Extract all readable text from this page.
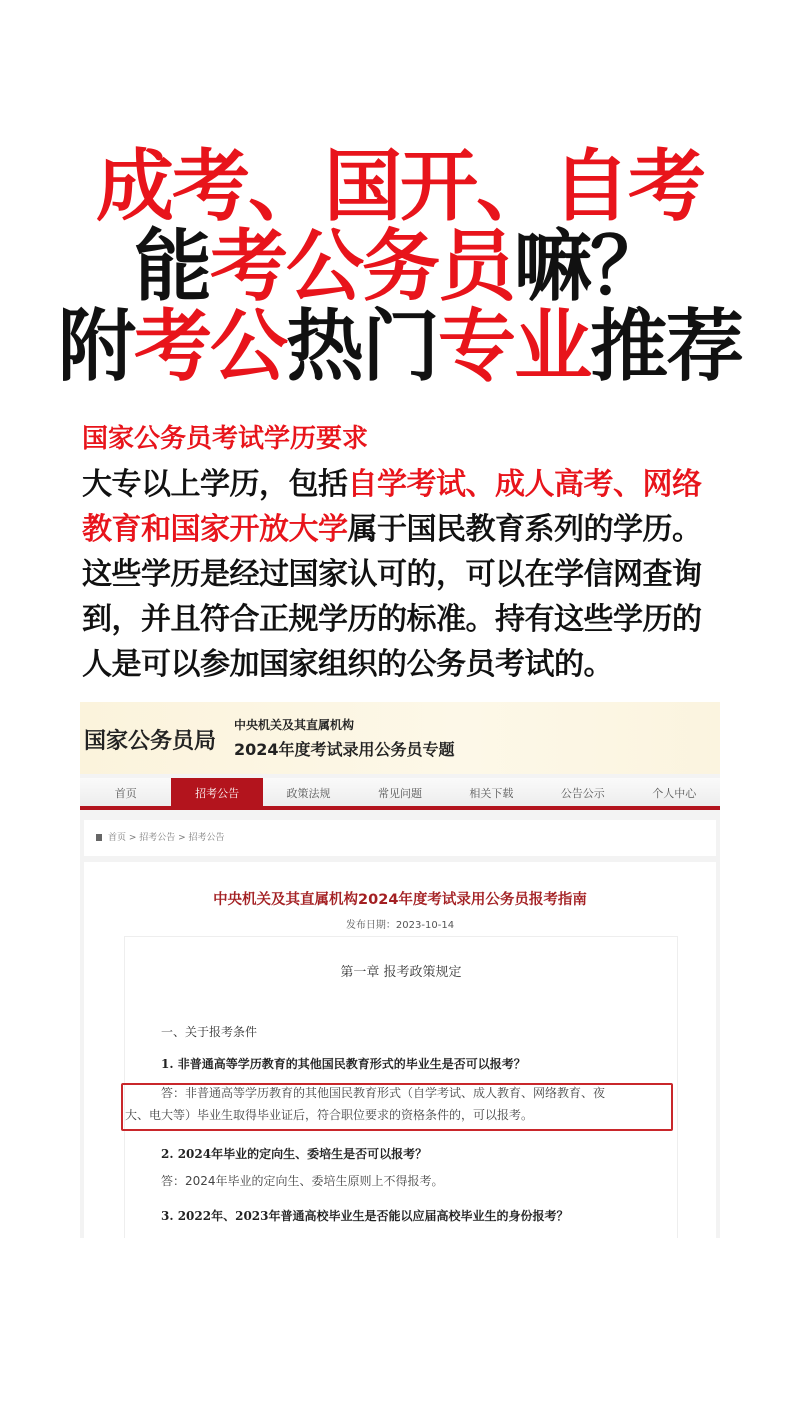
成考、国开、自考
能考公务员嘛？
附考公热门专业推荐
国家公务员考试学历要求

大专以上学历，包括自学考试、成人高考、网络教育和国家开放大学属于国民教育系列的学历。这些学历是经过国家认可的，可以在学信网查询到，并且符合正规学历的标准。持有这些学历的人是可以参加国家组织的公务员考试的。

国家公务员局
中央机关及其直属机构
2024年度考试录用公务员专题
首页	招考公告	政策法规	常见问题	相关下载	公告公示	个人中心
首页 > 招考公告 > 招考公告
中央机关及其直属机构2024年度考试录用公务员报考指南
发布日期：2023-10-14
第一章 报考政策规定
一、关于报考条件
1. 非普通高等学历教育的其他国民教育形式的毕业生是否可以报考？
答：非普通高等学历教育的其他国民教育形式（自学考试、成人教育、网络教育、夜
大、电大等）毕业生取得毕业证后，符合职位要求的资格条件的，可以报考。
2. 2024年毕业的定向生、委培生是否可以报考？
答：2024年毕业的定向生、委培生原则上不得报考。
3. 2022年、2023年普通高校毕业生是否能以应届高校毕业生的身份报考？
